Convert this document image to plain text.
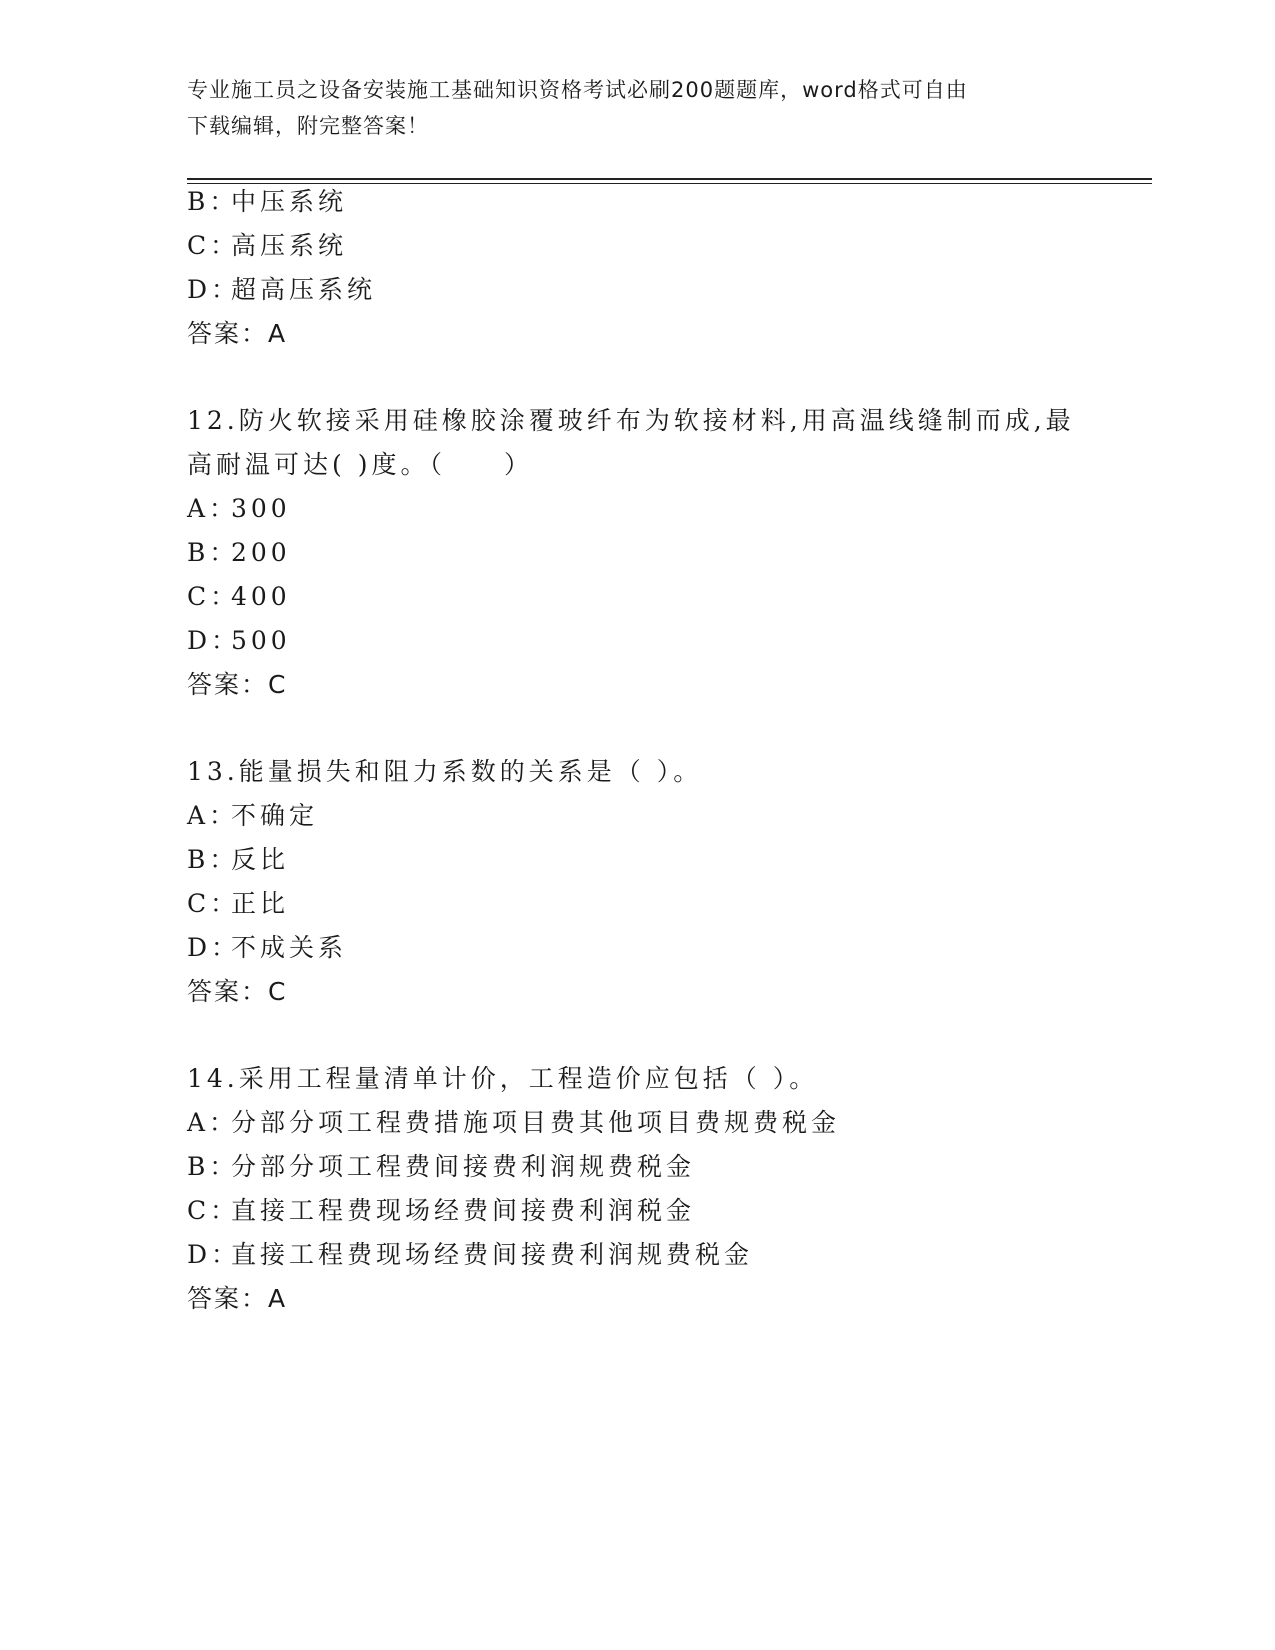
专业施工员之设备安装施工基础知识资格考试必刷200题题库，word格式可自由
下载编辑，附完整答案！
B：中压系统
C：高压系统
D：超高压系统
答案：A
12.防火软接采用硅橡胶涂覆玻纤布为软接材料,用高温线缝制而成,最
高耐温可达( )度。（　　）
A：300
B：200
C：400
D：500
答案：C
13.能量损失和阻力系数的关系是（ ）。
A：不确定
B：反比
C：正比
D：不成关系
答案：C
14.采用工程量清单计价，工程造价应包括（ ）。
A：分部分项工程费措施项目费其他项目费规费税金
B：分部分项工程费间接费利润规费税金
C：直接工程费现场经费间接费利润税金
D：直接工程费现场经费间接费利润规费税金
答案：A
